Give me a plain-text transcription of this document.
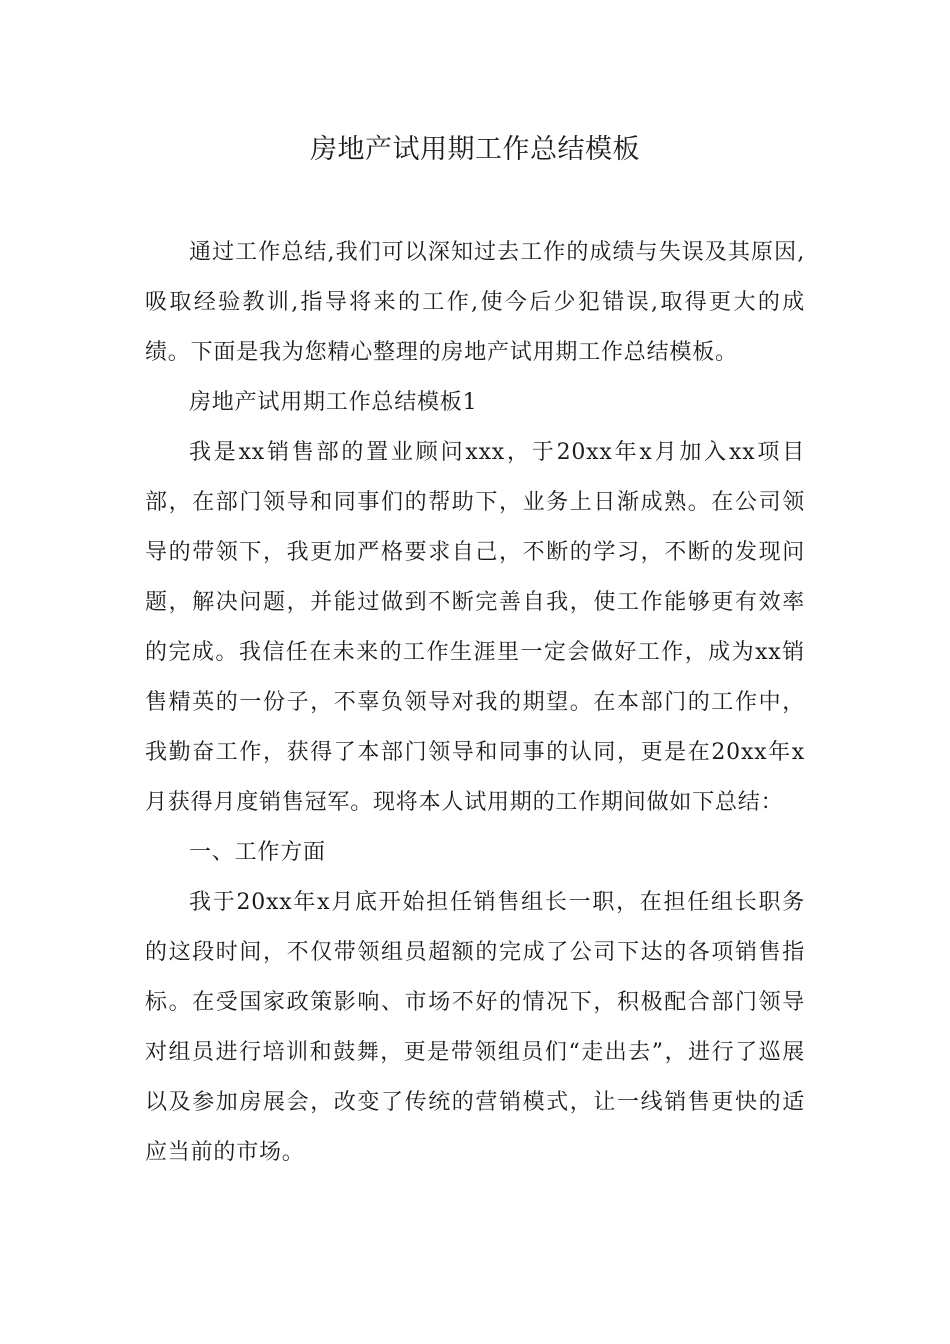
房地产试用期工作总结模板

通过工作总结,我们可以深知过去工作的成绩与失误及其原因,吸取经验教训,指导将来的工作,使今后少犯错误,取得更大的成绩。下面是我为您精心整理的房地产试用期工作总结模板。

房地产试用期工作总结模板1

我是xx销售部的置业顾问xxx，于20xx年x月加入xx项目部，在部门领导和同事们的帮助下，业务上日渐成熟。在公司领导的带领下，我更加严格要求自己，不断的学习，不断的发现问题，解决问题，并能过做到不断完善自我，使工作能够更有效率的完成。我信任在未来的工作生涯里一定会做好工作，成为xx销售精英的一份子，不辜负领导对我的期望。在本部门的工作中，我勤奋工作，获得了本部门领导和同事的认同，更是在20xx年x月获得月度销售冠军。现将本人试用期的工作期间做如下总结：

一、工作方面

我于20xx年x月底开始担任销售组长一职，在担任组长职务的这段时间，不仅带领组员超额的完成了公司下达的各项销售指标。在受国家政策影响、市场不好的情况下，积极配合部门领导对组员进行培训和鼓舞，更是带领组员们“走出去”，进行了巡展以及参加房展会，改变了传统的营销模式，让一线销售更快的适应当前的市场。
